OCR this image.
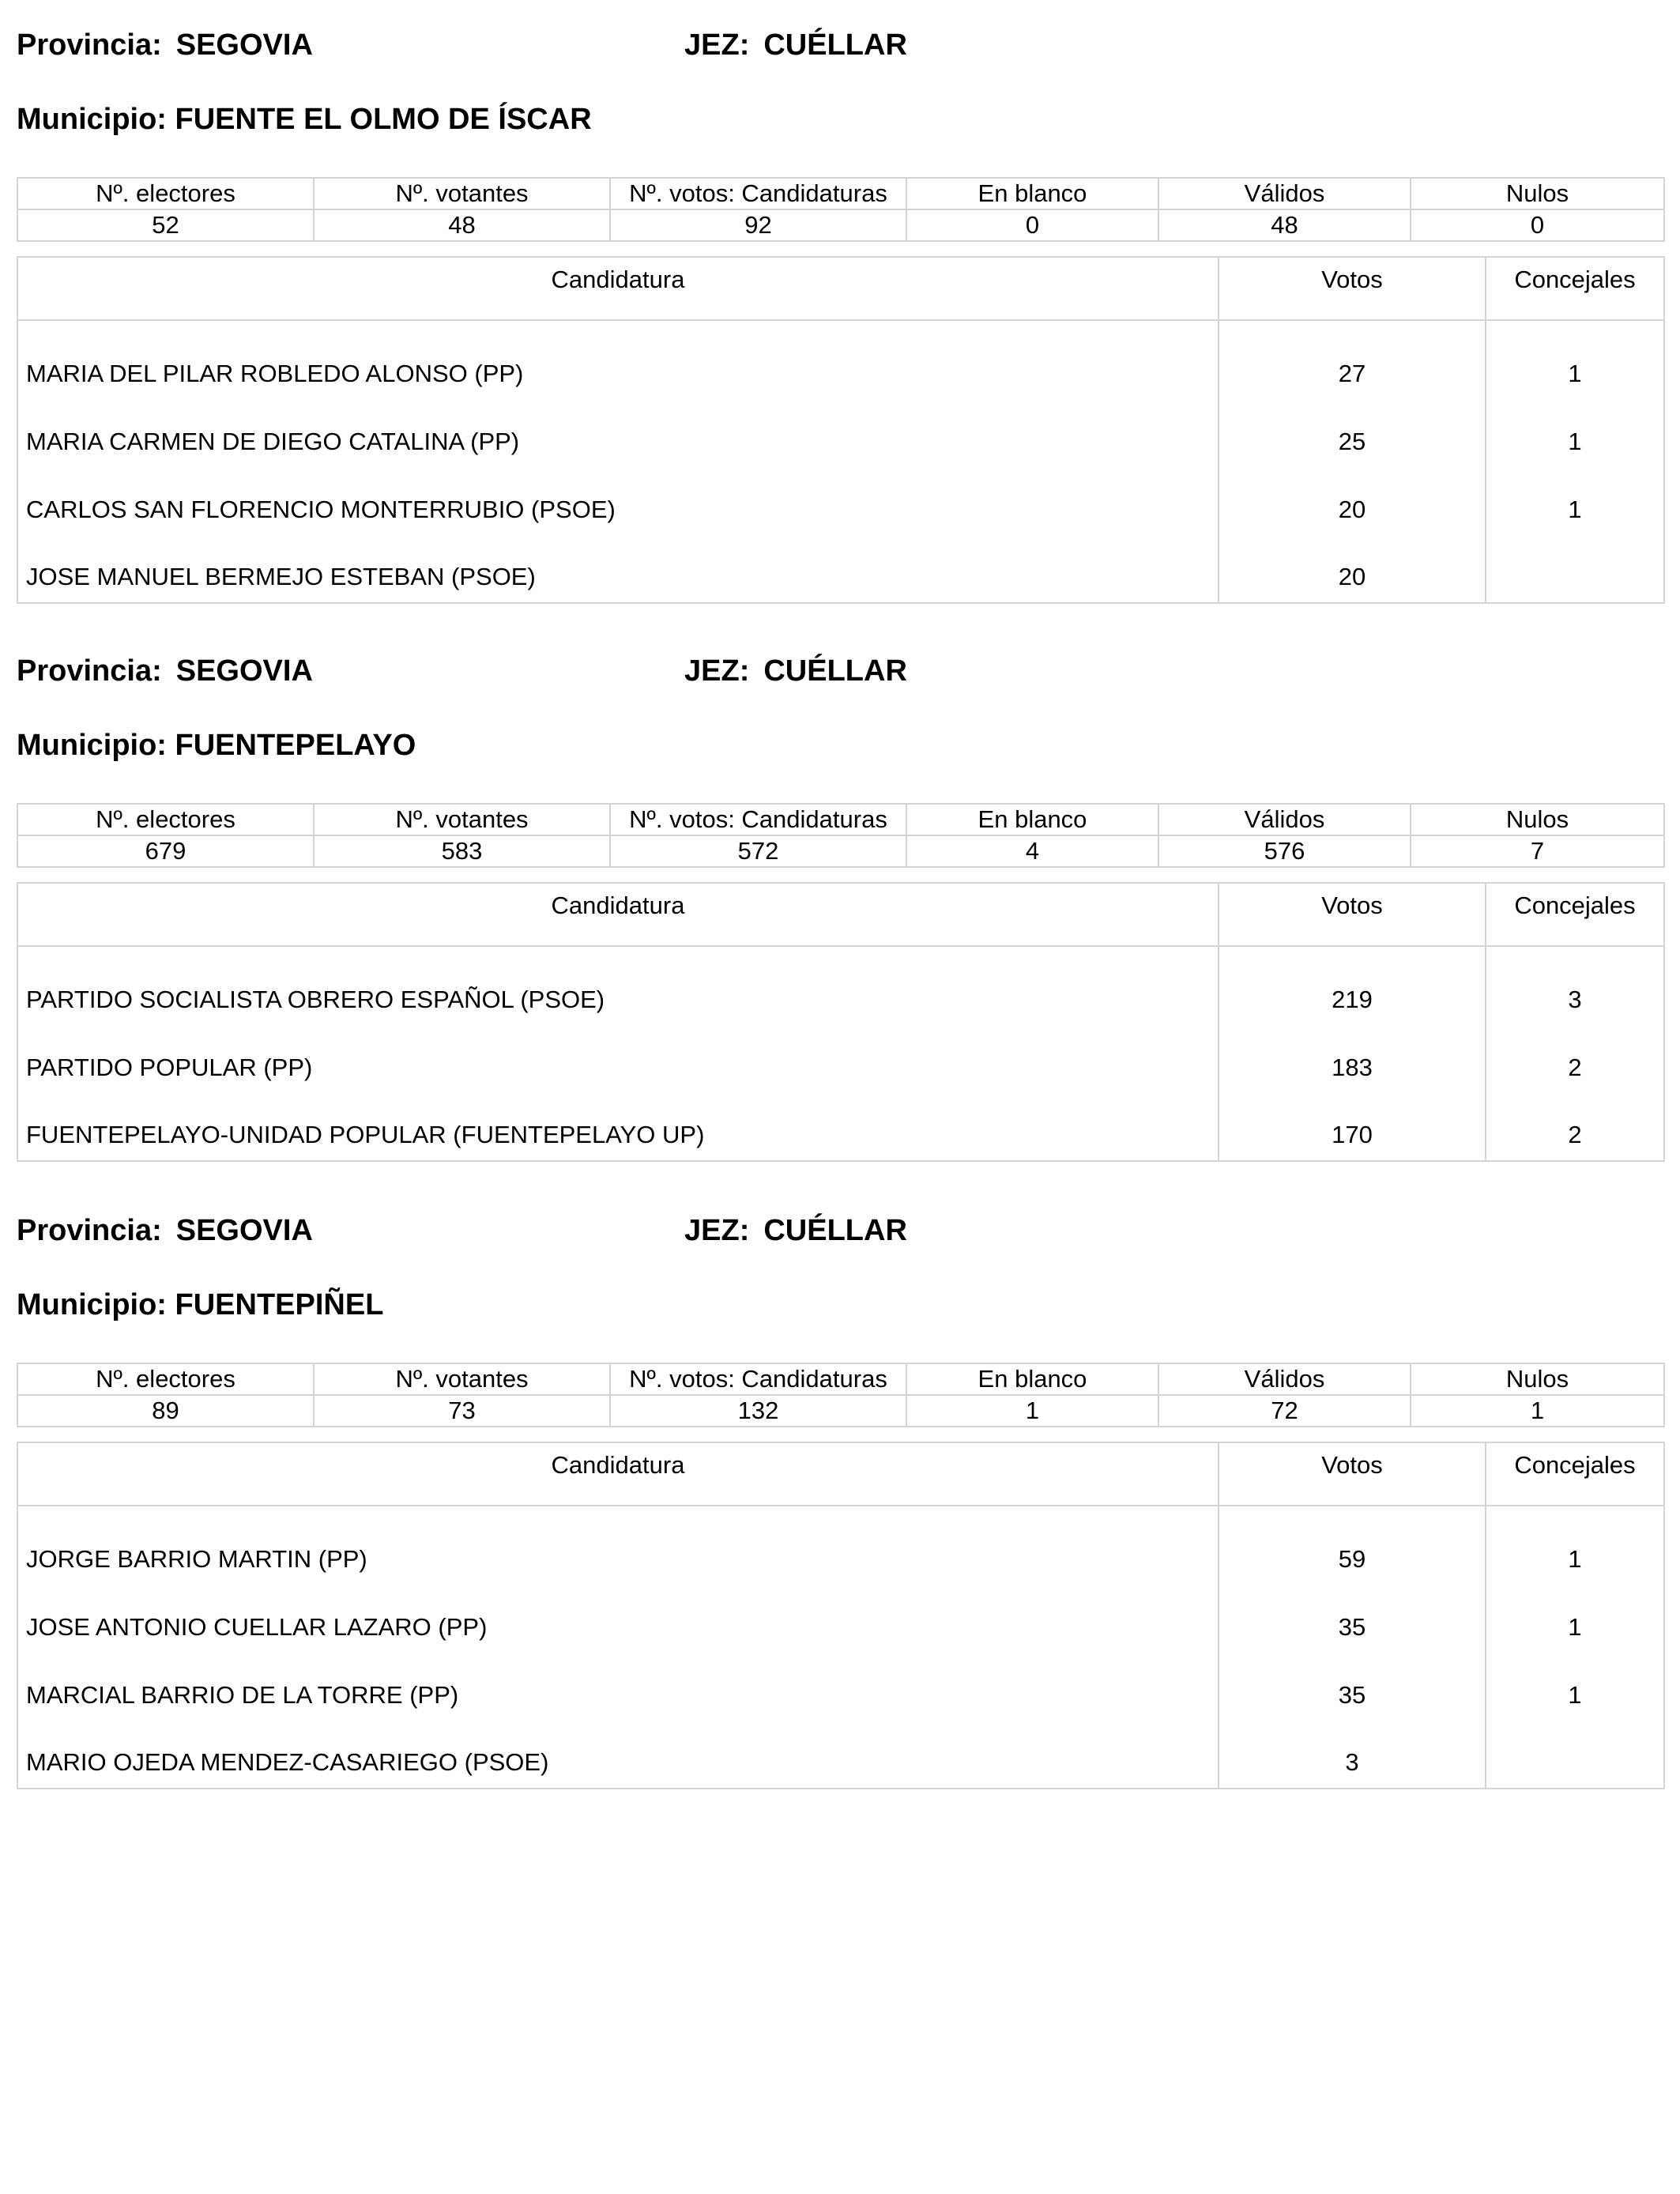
Provincia: SEGOVIA	JEZ: CUÉLLAR
Municipio: FUENTE EL OLMO DE ÍSCAR
Nº. electores	Nº. votantes	Nº. votos: Candidaturas	En blanco	Válidos	Nulos
52	48	92	0	48	0
Candidatura	Votos	Concejales
MARIA DEL PILAR ROBLEDO ALONSO (PP)	27	1
MARIA CARMEN DE DIEGO CATALINA (PP)	25	1
CARLOS SAN FLORENCIO MONTERRUBIO (PSOE)	20	1
JOSE MANUEL BERMEJO ESTEBAN (PSOE)	20	
Provincia: SEGOVIA	JEZ: CUÉLLAR
Municipio: FUENTEPELAYO
Nº. electores	Nº. votantes	Nº. votos: Candidaturas	En blanco	Válidos	Nulos
679	583	572	4	576	7
Candidatura	Votos	Concejales
PARTIDO SOCIALISTA OBRERO ESPAÑOL (PSOE)	219	3
PARTIDO POPULAR (PP)	183	2
FUENTEPELAYO-UNIDAD POPULAR (FUENTEPELAYO UP)	170	2
Provincia: SEGOVIA	JEZ: CUÉLLAR
Municipio: FUENTEPIÑEL
Nº. electores	Nº. votantes	Nº. votos: Candidaturas	En blanco	Válidos	Nulos
89	73	132	1	72	1
Candidatura	Votos	Concejales
JORGE BARRIO MARTIN (PP)	59	1
JOSE ANTONIO CUELLAR LAZARO (PP)	35	1
MARCIAL BARRIO DE LA TORRE (PP)	35	1
MARIO OJEDA MENDEZ-CASARIEGO (PSOE)	3	
